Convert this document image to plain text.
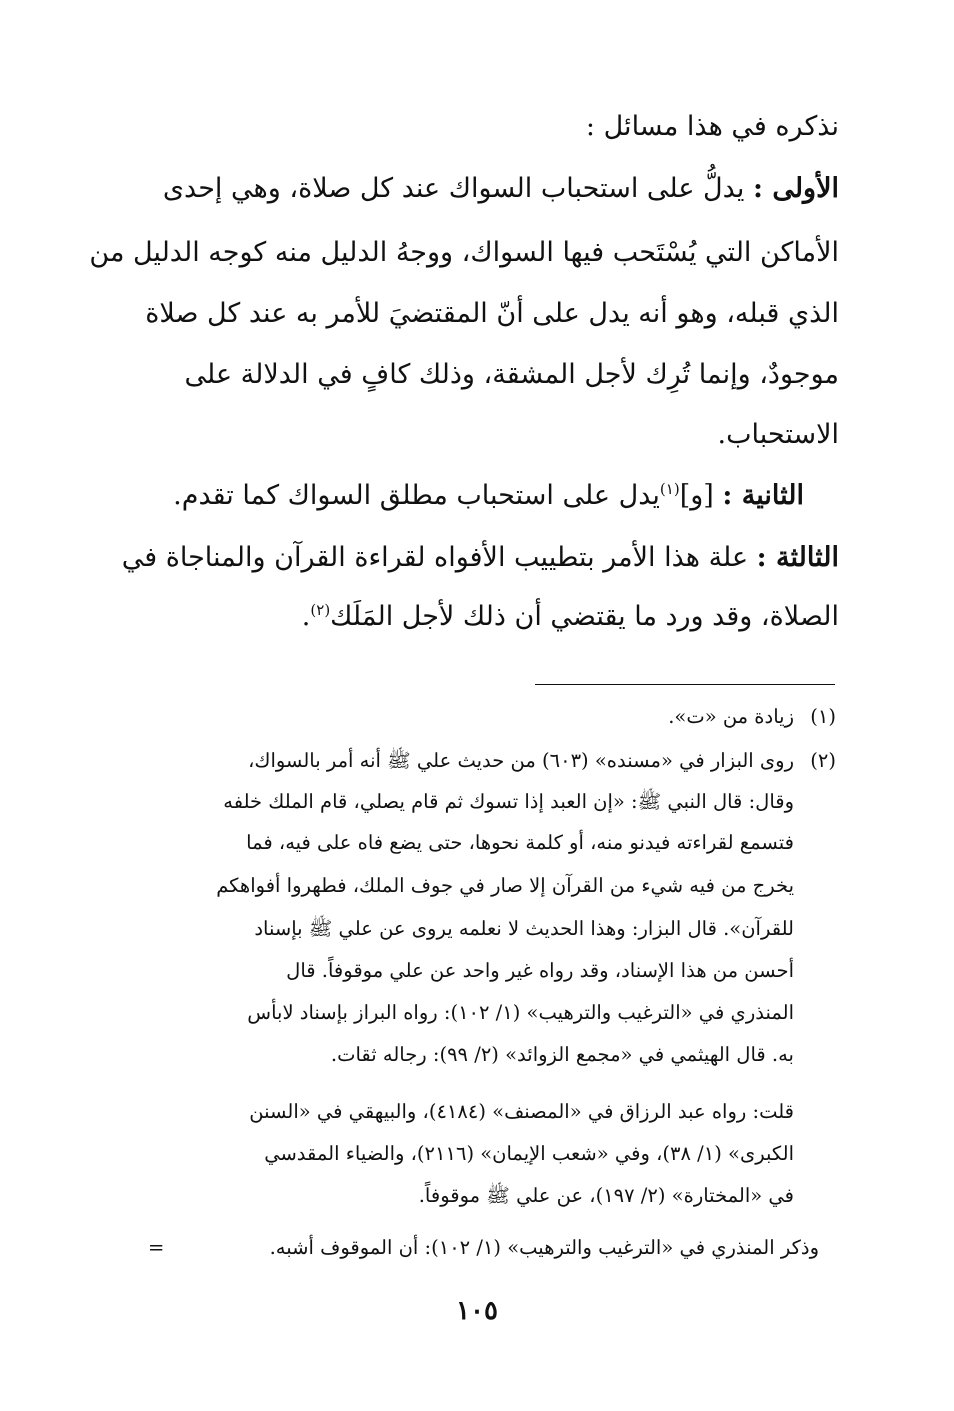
نذكره في هذا مسائل :
الأولى : يدلُّ على استحباب السواك عند كل صلاة، وهي إحدى
الأماكن التي يُسْتَحب فيها السواك، ووجهُ الدليل منه كوجه الدليل من
الذي قبله، وهو أنه يدل على أنّ المقتضيَ للأمر به عند كل صلاة
موجودٌ، وإنما تُرِك لأجل المشقة، وذلك كافٍ في الدلالة على
الاستحباب.
الثانية : [و]$^{(١)}$يدل على استحباب مطلق السواك كما تقدم.
الثالثة : علة هذا الأمر بتطييب الأفواه لقراءة القرآن والمناجاة في
الصلاة، وقد ورد ما يقتضي أن ذلك لأجل المَلَك$^{(٢)}$.
(١)
زيادة من «ت».
(٢)
روى البزار في «مسنده» (٦٠٣) من حديث علي ﷺ أنه أمر بالسواك،
وقال: قال النبي ﷺ: «إن العبد إذا تسوك ثم قام يصلي، قام الملك خلفه
فتسمع لقراءته فيدنو منه، أو كلمة نحوها، حتى يضع فاه على فيه، فما
يخرج من فيه شيء من القرآن إلا صار في جوف الملك، فطهروا أفواهكم
للقرآن». قال البزار: وهذا الحديث لا نعلمه يروى عن علي ﷺ بإسناد
أحسن من هذا الإسناد، وقد رواه غير واحد عن علي موقوفاً. قال
المنذري في «الترغيب والترهيب» (١/ ١٠٢): رواه البراز بإسناد لابأس
به. قال الهيثمي في «مجمع الزوائد» (٢/ ٩٩): رجاله ثقات.
قلت: رواه عبد الرزاق في «المصنف» (٤١٨٤)، والبيهقي في «السنن
الكبرى» (١/ ٣٨)، وفي «شعب الإيمان» (٢١١٦)، والضياء المقدسي
في «المختارة» (٢/ ١٩٧)، عن علي ﷺ موقوفاً.
وذكر المنذري في «الترغيب والترهيب» (١/ ١٠٢): أن الموقوف أشبه.
=
١٠٥
